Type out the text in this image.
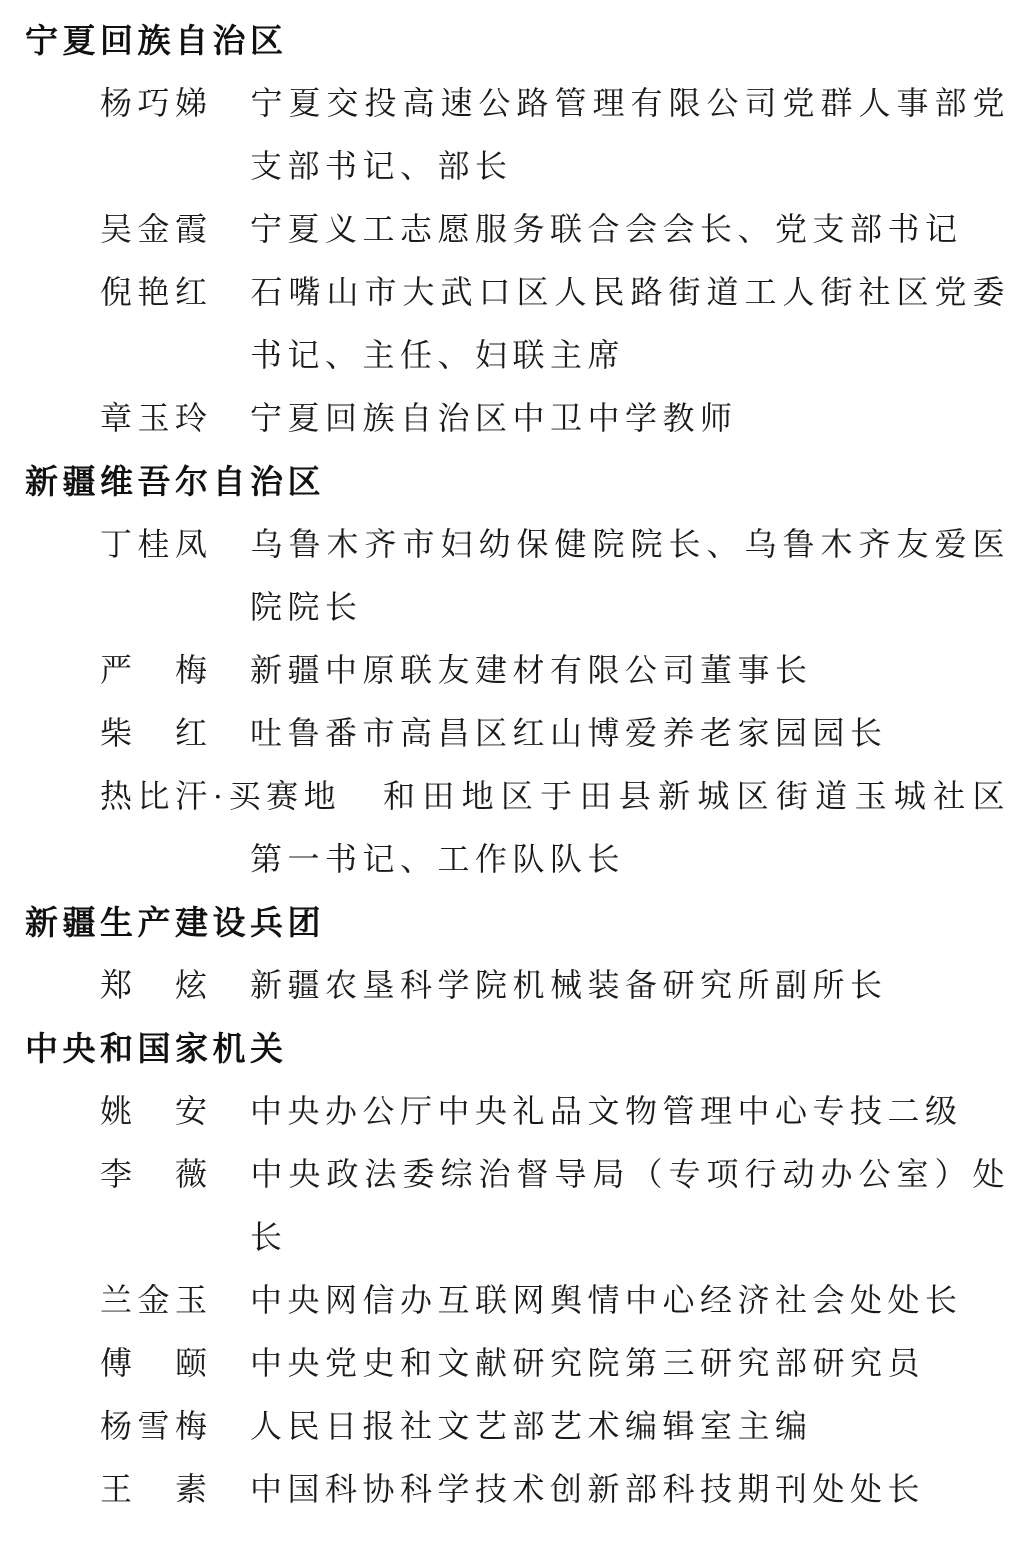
宁夏回族自治区
杨巧娣 宁夏交投高速公路管理有限公司党群人事部党支部书记、部长
吴金霞 宁夏义工志愿服务联合会会长、党支部书记
倪艳红 石嘴山市大武口区人民路街道工人街社区党委书记、主任、妇联主席
章玉玲 宁夏回族自治区中卫中学教师
新疆维吾尔自治区
丁桂凤 乌鲁木齐市妇幼保健院院长、乌鲁木齐友爱医院院长
严　梅 新疆中原联友建材有限公司董事长
柴　红 吐鲁番市高昌区红山博爱养老家园园长
热比汗·买赛地 和田地区于田县新城区街道玉城社区第一书记、工作队队长
新疆生产建设兵团
郑　炫 新疆农垦科学院机械装备研究所副所长
中央和国家机关
姚　安 中央办公厅中央礼品文物管理中心专技二级
李　薇 中央政法委综治督导局（专项行动办公室）处长
兰金玉 中央网信办互联网舆情中心经济社会处处长
傅　颐 中央党史和文献研究院第三研究部研究员
杨雪梅 人民日报社文艺部艺术编辑室主编
王　素 中国科协科学技术创新部科技期刊处处长
